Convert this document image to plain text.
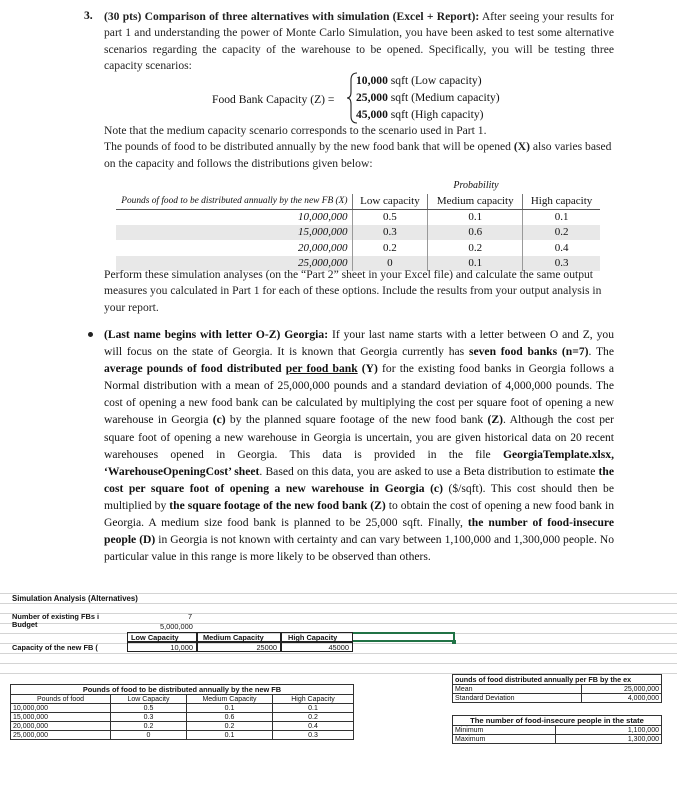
3. (30 pts) Comparison of three alternatives with simulation (Excel + Report): After seeing your results for part 1 and understanding the power of Monte Carlo Simulation, you have been asked to test some alternative scenarios regarding the capacity of the warehouse to be opened. Specifically, you will be testing three capacity scenarios:

Food Bank Capacity (Z) =
10,000 sqft (Low capacity)
25,000 sqft (Medium capacity)
45,000 sqft (High capacity)

Note that the medium capacity scenario corresponds to the scenario used in Part 1.

The pounds of food to be distributed annually by the new food bank that will be opened (X) also varies based on the capacity and follows the distributions given below:

	Probability		
Pounds of food to be distributed annually by the new FB (X)	Low capacity	Medium capacity	High capacity
10,000,000	0.5	0.1	0.1
15,000,000	0.3	0.6	0.2
20,000,000	0.2	0.2	0.4
25,000,000	0	0.1	0.3

Perform these simulation analyses (on the “Part 2” sheet in your Excel file) and calculate the same output measures you calculated in Part 1 for each of these options. Include the results from your output analysis in your report.

(Last name begins with letter O-Z) Georgia: If your last name starts with a letter between O and Z, you will focus on the state of Georgia. It is known that Georgia currently has seven food banks (n=7). The average pounds of food distributed per food bank (Y) for the existing food banks in Georgia follows a Normal distribution with a mean of 25,000,000 pounds and a standard deviation of 4,000,000 pounds. The cost of opening a new food bank can be calculated by multiplying the cost per square foot of opening a new warehouse in Georgia (c) by the planned square footage of the new food bank (Z). Although the cost per square foot of opening a new warehouse in Georgia is uncertain, you are given historical data on 20 recent warehouses opened in Georgia. This data is provided in the file GeorgiaTemplate.xlsx, ‘WarehouseOpeningCost’ sheet. Based on this data, you are asked to use a Beta distribution to estimate the cost per square foot of opening a new warehouse in Georgia (c) ($/sqft). This cost should then be multiplied by the square footage of the new food bank (Z) to obtain the cost of opening a new food bank in Georgia. A medium size food bank is planned to be 25,000 sqft. Finally, the number of food-insecure people (D) in Georgia is not known with certainty and can vary between 1,100,000 and 1,300,000 people. No particular value in this range is more likely to be observed than others.

Simulation Analysis (Alternatives)
Number of existing FBs i	7
Budget	5,000,000
Low Capacity	Medium Capacity	High Capacity
Capacity of the new FB (	10,000	25000	45000
Pounds of food to be distributed annually by the new FB			
Pounds of food	Low Capacity	Medium Capacity	High Capacity
10,000,000	0.5	0.1	0.1
15,000,000	0.3	0.6	0.2
20,000,000	0.2	0.2	0.4
25,000,000	0	0.1	0.3
ounds of food distributed annually per FB by the ex	
Mean	25,000,000
Standard Deviation	4,000,000
The number of food-insecure people in the state	
Minimum	1,100,000
Maximum	1,300,000
